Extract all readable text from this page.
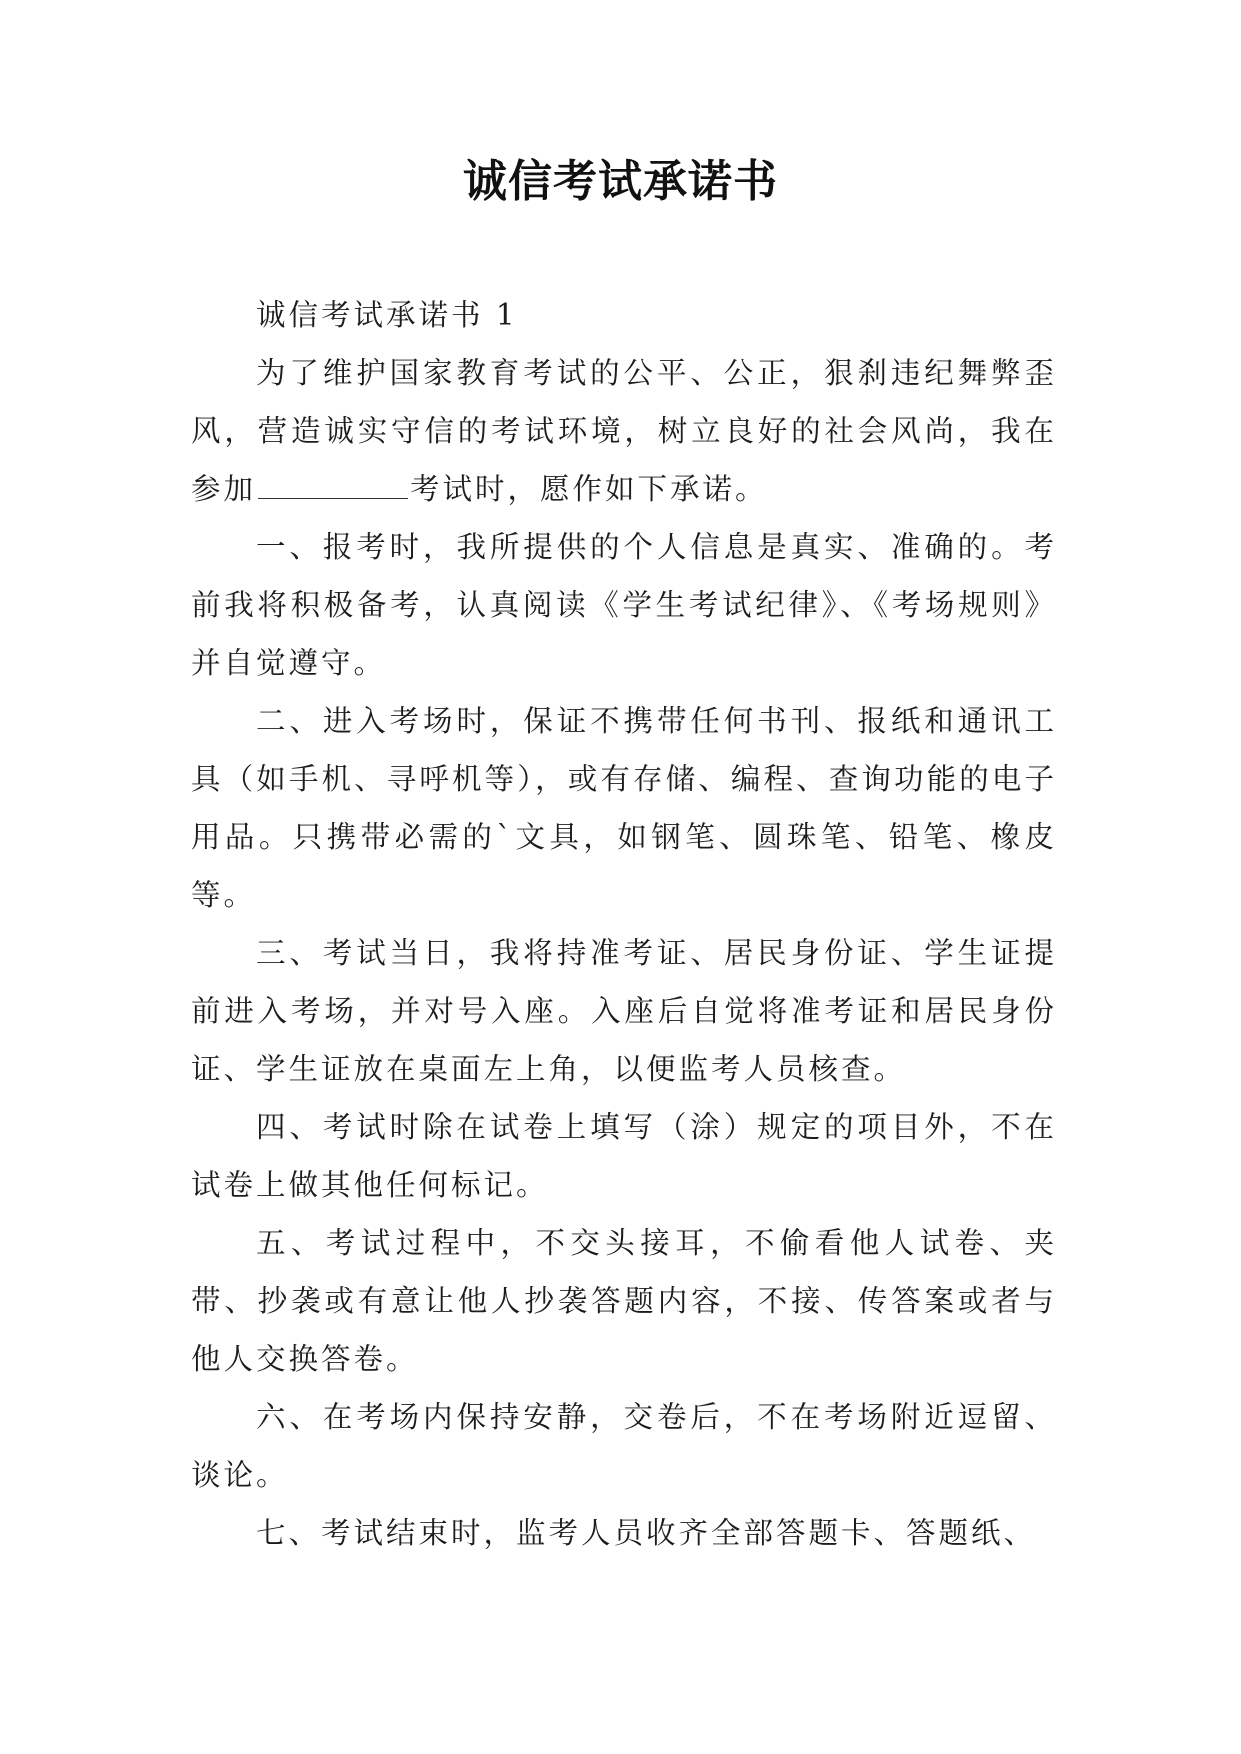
诚信考试承诺书

诚信考试承诺书 1

为了维护国家教育考试的公平、公正，狠刹违纪舞弊歪风，营造诚实守信的考试环境，树立良好的社会风尚，我在参加	考试时，愿作如下承诺。

一、报考时，我所提供的个人信息是真实、准确的。考前我将积极备考，认真阅读《学生考试纪律》、《考场规则》并自觉遵守。

二、进入考场时，保证不携带任何书刊、报纸和通讯工具（如手机、寻呼机等），或有存储、编程、查询功能的电子用品。只携带必需的`文具，如钢笔、圆珠笔、铅笔、橡皮等。

三、考试当日，我将持准考证、居民身份证、学生证提前进入考场，并对号入座。入座后自觉将准考证和居民身份证、学生证放在桌面左上角，以便监考人员核查。

四、考试时除在试卷上填写（涂）规定的项目外，不在试卷上做其他任何标记。

五、考试过程中，不交头接耳，不偷看他人试卷、夹带、抄袭或有意让他人抄袭答题内容，不接、传答案或者与他人交换答卷。

六、在考场内保持安静，交卷后，不在考场附近逗留、谈论。

七、考试结束时，监考人员收齐全部答题卡、答题纸、
